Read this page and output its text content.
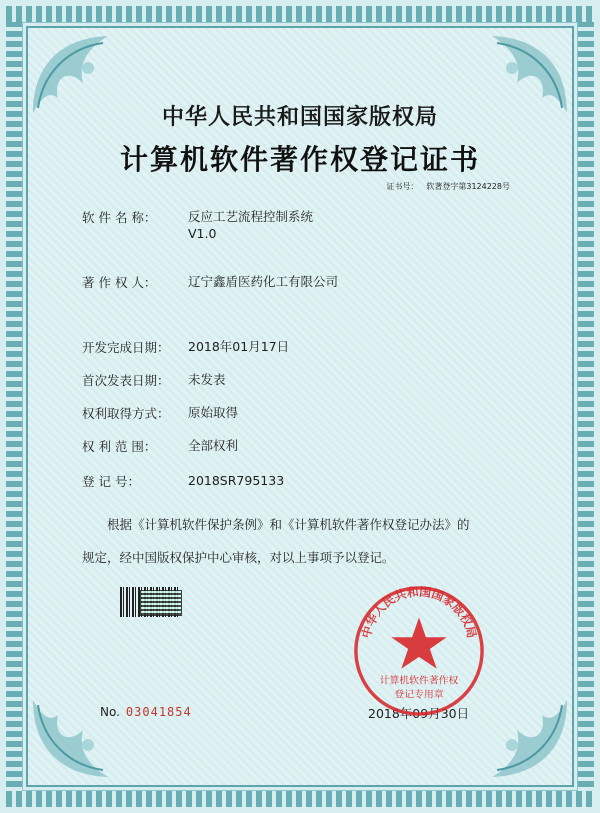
中华人民共和国国家版权局
计算机软件著作权登记证书
证书号： 软著登字第3124228号
软 件 名 称：	反应工艺流程控制系统
V1.0
著 作 权 人：	辽宁鑫盾医药化工有限公司
开发完成日期： 2018年01月17日
首次发表日期： 未发表
权利取得方式： 原始取得
权 利 范 围：	全部权利
登 记 号：	2018SR795133

根据《计算机软件保护条例》和《计算机软件著作权登记办法》的

规定，经中国版权保护中心审核，对以上事项予以登记。

No. 03041854	2018年09月30日
中华人民共和国国家版权局
计算机软件著作权
登记专用章
